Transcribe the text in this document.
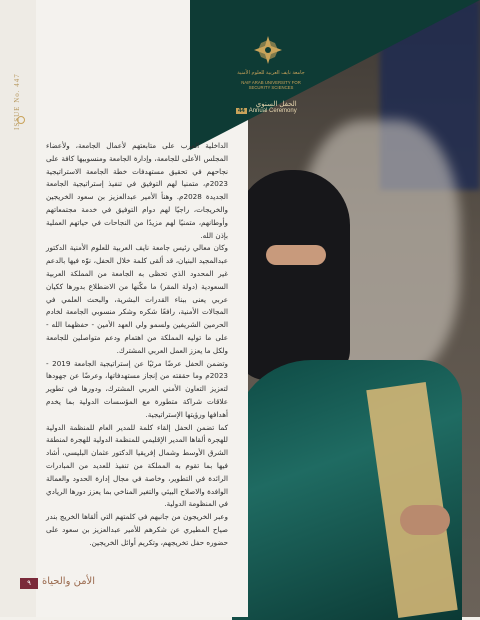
جامعة نايف العربية للعلوم الأمنية
NAIF ARAB UNIVERSITY FOR SECURITY SCIENCES
الحفل السنوي
44 Annual Ceremony
ISSUE No. 447

الداخلية العرب على متابعتهم لأعمال الجامعة، ولأعضاء المجلس الأعلى للجامعة، وإدارة الجامعة ومنسوبيها كافة على نجاحهم في تحقيق مستهدفات خطة الجامعة الاستراتيجية 2023م، متمنيا لهم التوفيق في تنفيذ إستراتيجية الجامعة الجديدة 2028م. وهنأ الأمير عبدالعزيز بن سعود الخريجين والخريجات، راجيًا لهم دوام التوفيق في خدمة مجتمعاتهم وأوطانهم، متمنيًا لهم مزيدًا من النجاحات في حياتهم العملية بإذن الله.

وكان معالي رئيس جامعة نايف العربية للعلوم الأمنية الدكتور عبدالمجيد البنيان، قد ألقى كلمة خلال الحفل، نوّه فيها بالدعم غير المحدود الذي تحظى به الجامعة من المملكة العربية السعودية (دولة المقر) ما مكّنها من الاضطلاع بدورها ككيان عربي يعنى ببناء القدرات البشرية، والبحث العلمي في المجالات الأمنية، رافعًا شكره وشكر منسوبي الجامعة لخادم الحرمين الشريفين ولسمو ولي العهد الأمين - حفظهما الله - على ما توليه المملكة من اهتمام ودعم متواصلين للجامعة ولكل ما يعزز العمل العربي المشترك.

وتضمن الحفل عرضًا مرئيًا عن إستراتيجية الجامعة 2019 - 2023م وما حققته من إنجاز مستهدفاتها، وعرضًا عن جهودها لتعزيز التعاون الأمني العربي المشترك، ودورها في تطوير علاقات شراكة متطورة مع المؤسسات الدولية بما يخدم أهدافها ورؤيتها الإستراتيجية.

كما تضمن الحفل إلقاء كلمة للمدير العام للمنظمة الدولية للهجرة ألقاها المدير الإقليمي للمنظمة الدولية للهجرة لمنطقة الشرق الأوسط وشمال إفريقيا الدكتور عثمان البليسي، أشاد فيها بما تقوم به المملكة من تنفيذ للعديد من المبادرات الرائدة في التطوير، وخاصة في مجال إدارة الحدود والعمالة الوافدة والاصلاح البيئي والتغير المناخي بما يعزز دورها الريادي في المنظومة الدولية.

وعبر الخريجون من جانبهم في كلمتهم التي ألقاها الخريج بندر صياح المطيري عن شكرهم للأمير عبدالعزيز بن سعود على حضوره حفل تخريجهم، وتكريم أوائل الخريجين.

٩	الأمن والحياة
